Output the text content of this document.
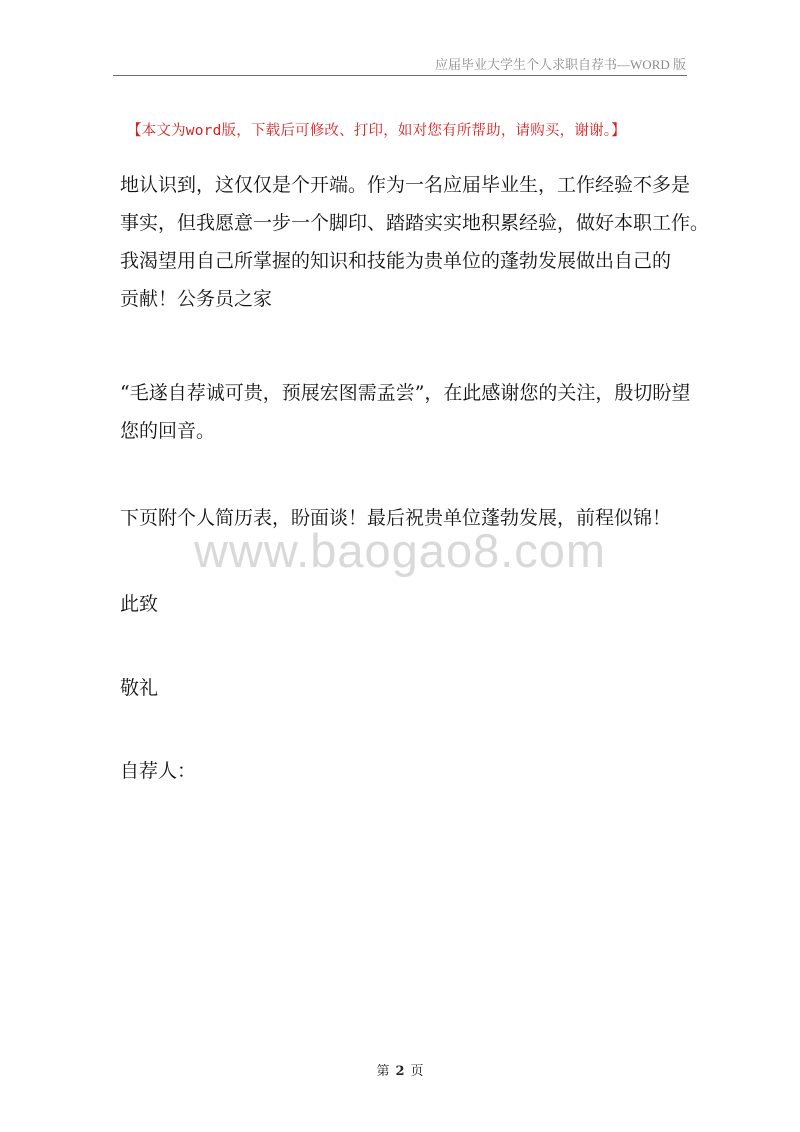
应届毕业大学生个人求职自荐书—WORD 版
【本文为word版，下载后可修改、打印，如对您有所帮助，请购买，谢谢。】
地认识到，这仅仅是个开端。作为一名应届毕业生，工作经验不多是
事实，但我愿意一步一个脚印、踏踏实实地积累经验，做好本职工作。
我渴望用自己所掌握的知识和技能为贵单位的蓬勃发展做出自己的
贡献！公务员之家
“毛遂自荐诚可贵，预展宏图需孟尝”，在此感谢您的关注，殷切盼望
您的回音。
下页附个人简历表，盼面谈！最后祝贵单位蓬勃发展，前程似锦！
www.baogao8.com
此致
敬礼
自荐人：
第 2 页
